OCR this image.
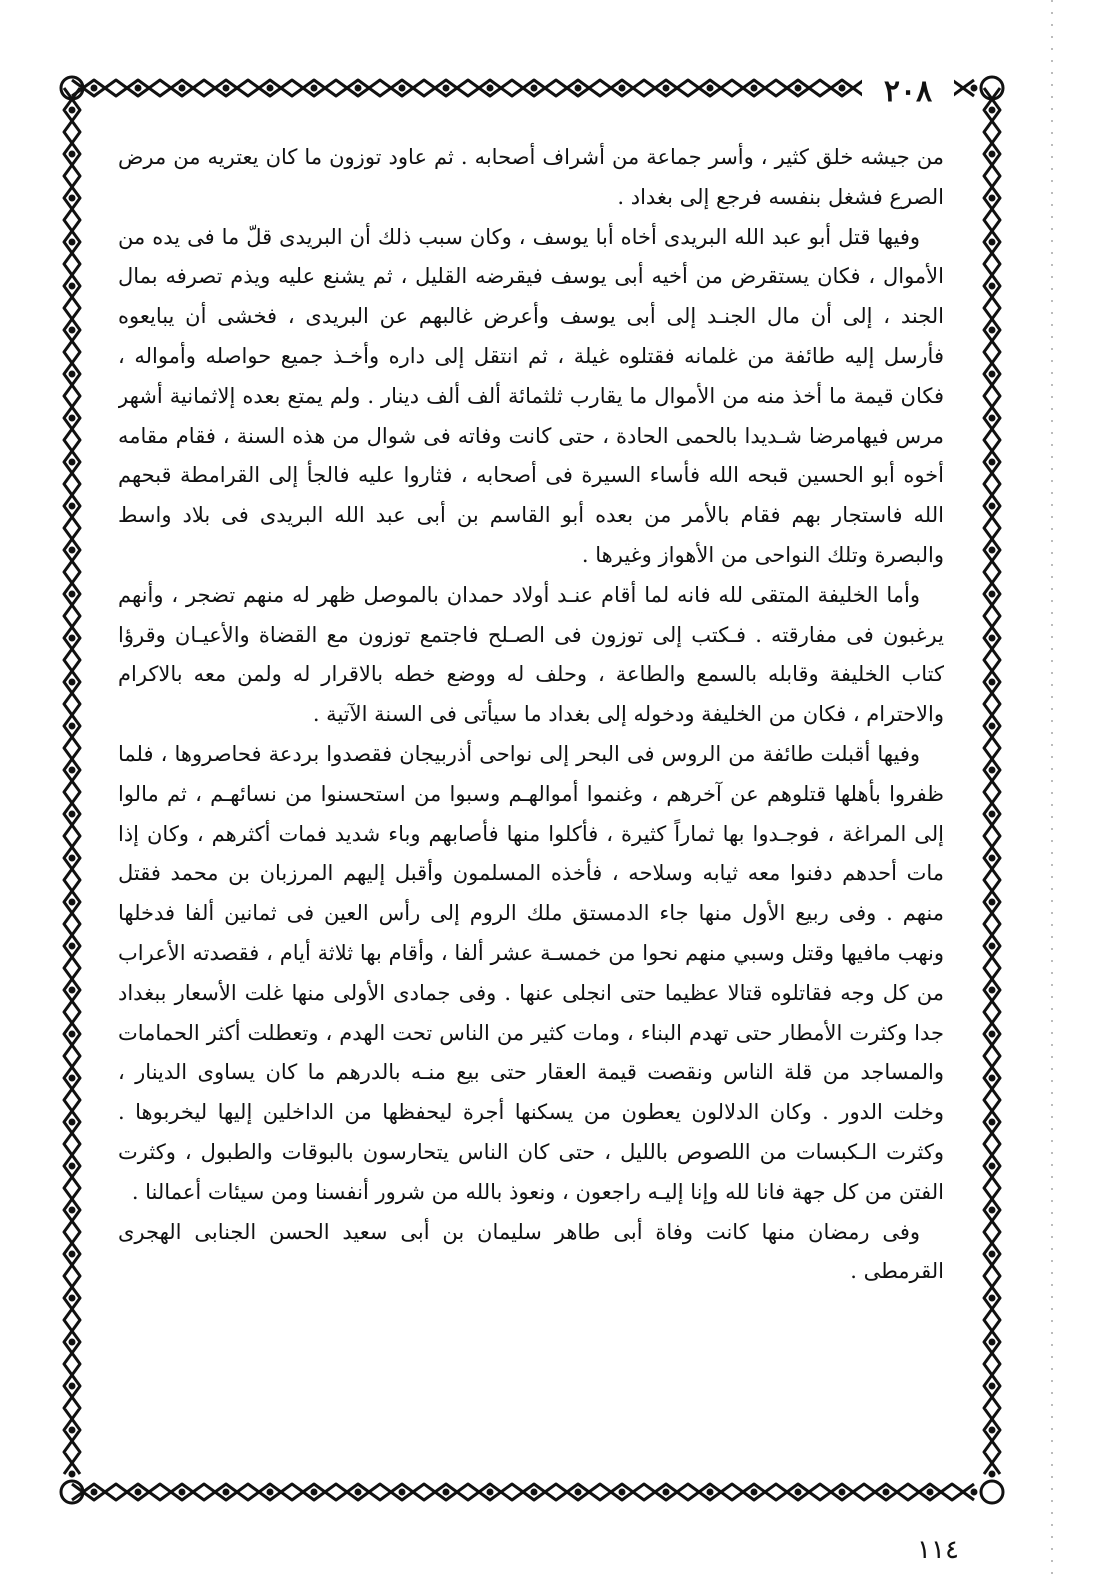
٢٠٨

من جيشه خلق كثير ، وأسر جماعة من أشراف أصحابه . ثم عاود توزون ما كان يعتريه من مرض الصرع فشغل بنفسه فرجع إلى بغداد .

وفيها قتل أبو عبد الله البريدى أخاه أبا يوسف ، وكان سبب ذلك أن البريدى قلّ ما فى يده من الأموال ، فكان يستقرض من أخيه أبى يوسف فيقرضه القليل ، ثم يشنع عليه ويذم تصرفه بمال الجند ، إلى أن مال الجنـد إلى أبى يوسف وأعرض غالبهم عن البريدى ، فخشى أن يبايعوه فأرسل إليه طائفة من غلمانه فقتلوه غيلة ، ثم انتقل إلى داره وأخـذ جميع حواصله وأمواله ، فكان قيمة ما أخذ منه من الأموال ما يقارب ثلثمائة ألف ألف دينار . ولم يمتع بعده إلاثمانية أشهر مرس فيهامرضا شـديدا بالحمى الحادة ، حتى كانت وفاته فى شوال من هذه السنة ، فقام مقامه أخوه أبو الحسين قبحه الله فأساء السيرة فى أصحابه ، فثاروا عليه فالجأ إلى القرامطة قبحهم الله فاستجار بهم فقام بالأمر من بعده أبو القاسم بن أبى عبد الله البريدى فى بلاد واسط والبصرة وتلك النواحى من الأهواز وغيرها .

وأما الخليفة المتقى لله فانه لما أقام عنـد أولاد حمدان بالموصل ظهر له منهم تضجر ، وأنهم يرغبون فى مفارقته . فـكتب إلى توزون فى الصـلح فاجتمع توزون مع القضاة والأعيـان وقرؤا كتاب الخليفة وقابله بالسمع والطاعة ، وحلف له ووضع خطه بالاقرار له ولمن معه بالاكرام والاحترام ، فكان من الخليفة ودخوله إلى بغداد ما سيأتى فى السنة الآتية .

وفيها أقبلت طائفة من الروس فى البحر إلى نواحى أذربيجان فقصدوا بردعة فحاصروها ، فلما ظفروا بأهلها قتلوهم عن آخرهم ، وغنموا أموالهـم وسبوا من استحسنوا من نسائهـم ، ثم مالوا إلى المراغة ، فوجـدوا بها ثماراً كثيرة ، فأكلوا منها فأصابهم وباء شديد فمات أكثرهم ، وكان إذا مات أحدهم دفنوا معه ثيابه وسلاحه ، فأخذه المسلمون وأقبل إليهم المرزبان بن محمد فقتل منهم . وفى ربيع الأول منها جاء الدمستق ملك الروم إلى رأس العين فى ثمانين ألفا فدخلها ونهب مافيها وقتل وسبي منهم نحوا من خمسـة عشر ألفا ، وأقام بها ثلاثة أيام ، فقصدته الأعراب من كل وجه فقاتلوه قتالا عظيما حتى انجلى عنها . وفى جمادى الأولى منها غلت الأسعار ببغداد جدا وكثرت الأمطار حتى تهدم البناء ، ومات كثير من الناس تحت الهدم ، وتعطلت أكثر الحمامات والمساجد من قلة الناس ونقصت قيمة العقار حتى بيع منـه بالدرهم ما كان يساوى الدينار ، وخلت الدور . وكان الدلالون يعطون من يسكنها أجرة ليحفظها من الداخلين إليها ليخربوها . وكثرت الـكبسات من اللصوص بالليل ، حتى كان الناس يتحارسون بالبوقات والطبول ، وكثرت الفتن من كل جهة فانا لله وإنا إليـه راجعون ، ونعوذ بالله من شرور أنفسنا ومن سيئات أعمالنا .

وفى رمضان منها كانت وفاة أبى طاهر سليمان بن أبى سعيد الحسن الجنابى الهجرى القرمطى .

١١٤
